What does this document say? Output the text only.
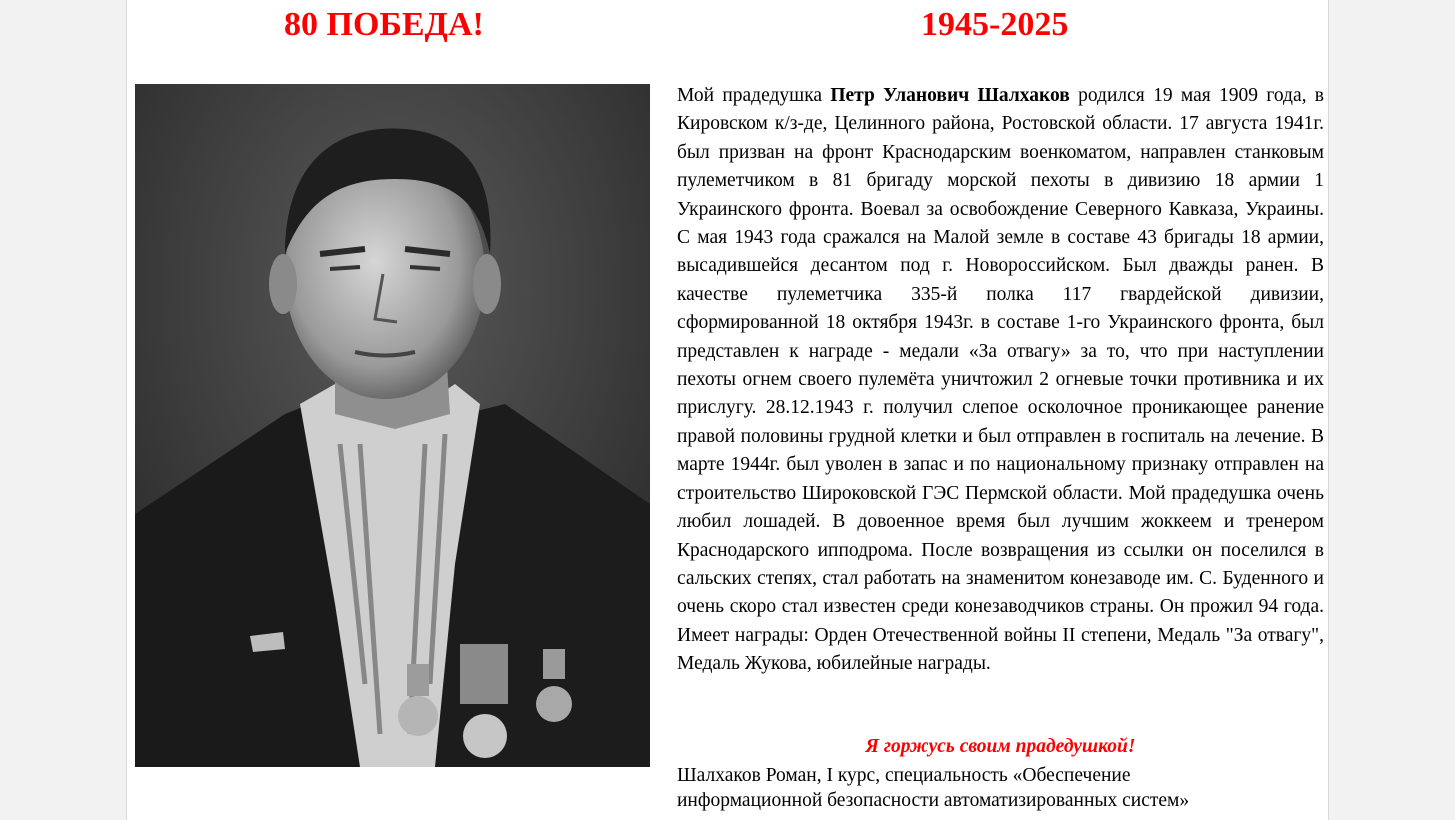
80 ПОБЕДА!	1945-2025
Мой прадедушка Петр Уланович Шалхаков родился 19 мая 1909 года, в Кировском к/з-де, Целинного района, Ростовской области. 17 августа 1941г. был призван на фронт Краснодарским военкоматом, направлен станковым пулеметчиком в 81 бригаду морской пехоты в дивизию 18 армии 1 Украинского фронта. Воевал за освобождение Северного Кавказа, Украины. С мая 1943 года сражался на Малой земле в составе 43 бригады 18 армии, высадившейся десантом под г. Новороссийском. Был дважды ранен. В качестве пулеметчика 335-й полка 117 гвардейской дивизии, сформированной 18 октября 1943г. в составе 1-го Украинского фронта, был представлен к награде - медали «За отвагу» за то, что при наступлении пехоты огнем своего пулемёта уничтожил 2 огневые точки противника и их прислугу. 28.12.1943 г. получил слепое осколочное проникающее ранение правой половины грудной клетки и был отправлен в госпиталь на лечение. В марте 1944г. был уволен в запас и по национальному признаку отправлен на строительство Широковской ГЭС Пермской области. Мой прадедушка очень любил лошадей. В довоенное время был лучшим жоккеем и тренером Краснодарского ипподрома. После возвращения из ссылки он поселился в сальских степях, стал работать на знаменитом конезаводе им. С. Буденного и очень скоро стал известен среди конезаводчиков страны. Он прожил 94 года. Имеет награды: Орден Отечественной войны II степени, Медаль "За отвагу", Медаль Жукова, юбилейные награды.
Я горжусь своим прадедушкой!
Шалхаков Роман, I курс, специальность «Обеспечение
информационной безопасности автоматизированных систем»
